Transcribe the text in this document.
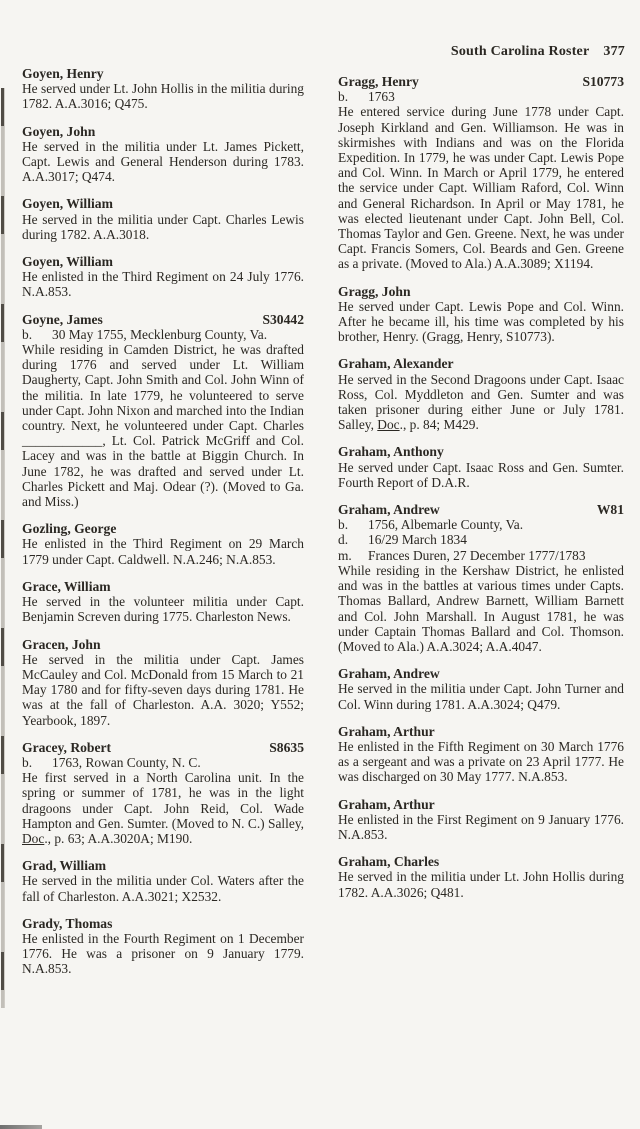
South Carolina Roster 377
Goyen, Henry
He served under Lt. John Hollis in the militia during 1782. A.A.3016; Q475.
Goyen, John
He served in the militia under Lt. James Pickett, Capt. Lewis and General Henderson during 1783. A.A.3017; Q474.
Goyen, William
He served in the militia under Capt. Charles Lewis during 1782. A.A.3018.
Goyen, William
He enlisted in the Third Regiment on 24 July 1776. N.A.853.
Goyne, James	S30442
b.	30 May 1755, Mecklenburg County, Va.
While residing in Camden District, he was drafted during 1776 and served under Lt. William Daugherty, Capt. John Smith and Col. John Winn of the militia. In late 1779, he volunteered to serve under Capt. John Nixon and marched into the Indian country. Next, he volunteered under Capt. Charles ____________, Lt. Col. Patrick McGriff and Col. Lacey and was in the battle at Biggin Church. In June 1782, he was drafted and served under Lt. Charles Pickett and Maj. Odear (?). (Moved to Ga. and Miss.)
Gozling, George
He enlisted in the Third Regiment on 29 March 1779 under Capt. Caldwell. N.A.246; N.A.853.
Grace, William
He served in the volunteer militia under Capt. Benjamin Screven during 1775. Charleston News.
Gracen, John
He served in the militia under Capt. James McCauley and Col. McDonald from 15 March to 21 May 1780 and for fifty-seven days during 1781. He was at the fall of Charleston. A.A. 3020; Y552; Yearbook, 1897.
Gracey, Robert	S8635
b.	1763, Rowan County, N. C.
He first served in a North Carolina unit. In the spring or summer of 1781, he was in the light dragoons under Capt. John Reid, Col. Wade Hampton and Gen. Sumter. (Moved to N. C.) Salley, Doc., p. 63; A.A.3020A; M190.
Grad, William
He served in the militia under Col. Waters after the fall of Charleston. A.A.3021; X2532.
Grady, Thomas
He enlisted in the Fourth Regiment on 1 December 1776. He was a prisoner on 9 January 1779. N.A.853.
Gragg, Henry	S10773
b.	1763
He entered service during June 1778 under Capt. Joseph Kirkland and Gen. Williamson. He was in skirmishes with Indians and was on the Florida Expedition. In 1779, he was under Capt. Lewis Pope and Col. Winn. In March or April 1779, he entered the service under Capt. William Raford, Col. Winn and General Richardson. In April or May 1781, he was elected lieutenant under Capt. John Bell, Col. Thomas Taylor and Gen. Greene. Next, he was under Capt. Francis Somers, Col. Beards and Gen. Greene as a private. (Moved to Ala.) A.A.3089; X1194.
Gragg, John
He served under Capt. Lewis Pope and Col. Winn. After he became ill, his time was completed by his brother, Henry. (Gragg, Henry, S10773).
Graham, Alexander
He served in the Second Dragoons under Capt. Isaac Ross, Col. Myddleton and Gen. Sumter and was taken prisoner during either June or July 1781. Salley, Doc., p. 84; M429.
Graham, Anthony
He served under Capt. Isaac Ross and Gen. Sumter. Fourth Report of D.A.R.
Graham, Andrew	W81
b.	1756, Albemarle County, Va.
d.	16/29 March 1834
m.	Frances Duren, 27 December 1777/1783
While residing in the Kershaw District, he enlisted and was in the battles at various times under Capts. Thomas Ballard, Andrew Barnett, William Barnett and Col. John Marshall. In August 1781, he was under Captain Thomas Ballard and Col. Thomson. (Moved to Ala.) A.A.3024; A.A.4047.
Graham, Andrew
He served in the militia under Capt. John Turner and Col. Winn during 1781. A.A.3024; Q479.
Graham, Arthur
He enlisted in the Fifth Regiment on 30 March 1776 as a sergeant and was a private on 23 April 1777. He was discharged on 30 May 1777. N.A.853.
Graham, Arthur
He enlisted in the First Regiment on 9 January 1776. N.A.853.
Graham, Charles
He served in the militia under Lt. John Hollis during 1782. A.A.3026; Q481.
